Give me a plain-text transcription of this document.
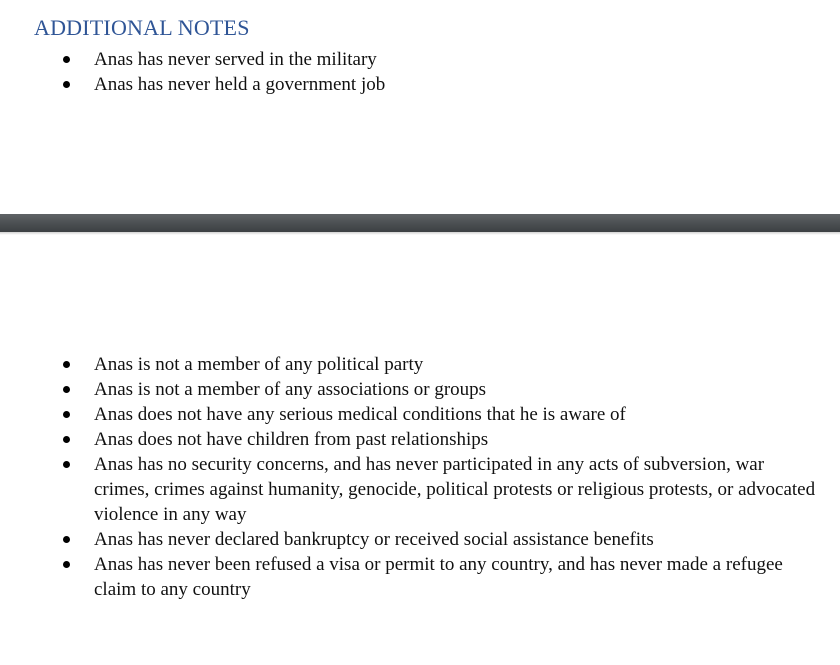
ADDITIONAL NOTES
Anas has never served in the military
Anas has never held a government job
Anas is not a member of any political party
Anas is not a member of any associations or groups
Anas does not have any serious medical conditions that he is aware of
Anas does not have children from past relationships
Anas has no security concerns, and has never participated in any acts of subversion, war crimes, crimes against humanity, genocide, political protests or religious protests, or advocated violence in any way
Anas has never declared bankruptcy or received social assistance benefits
Anas has never been refused a visa or permit to any country, and has never made a refugee claim to any country
